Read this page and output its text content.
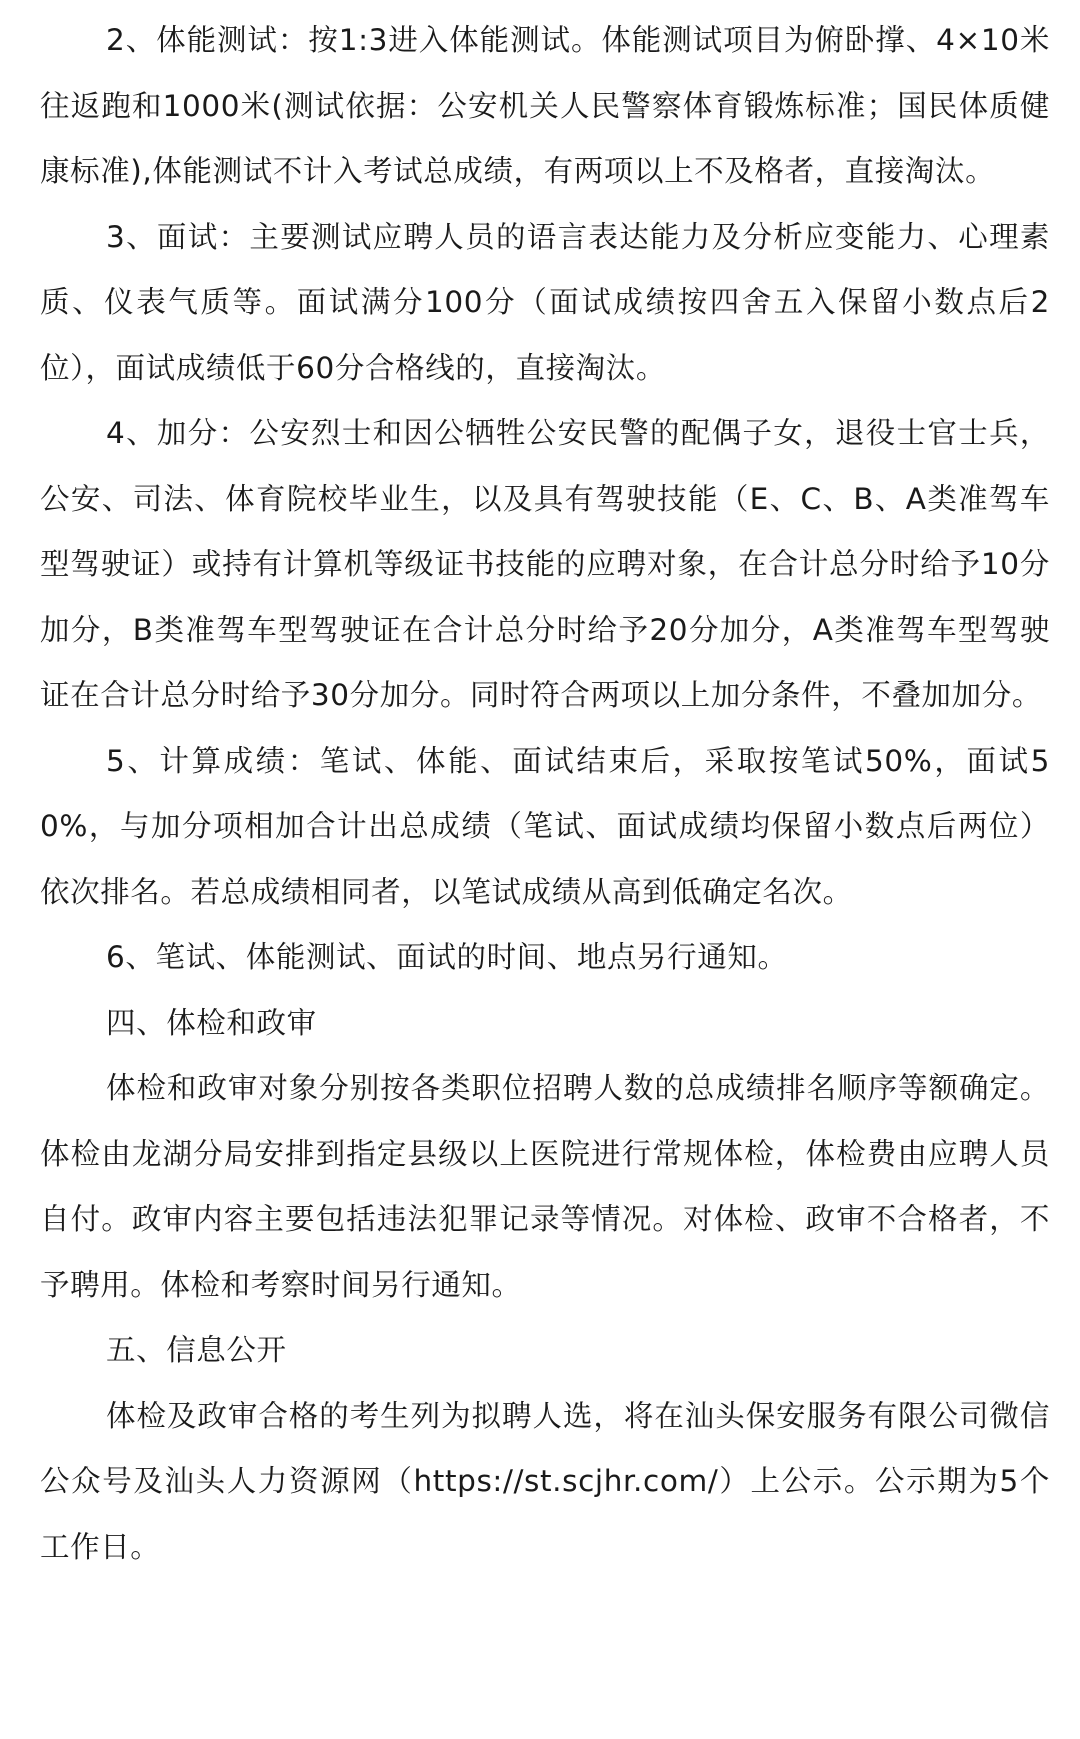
2、体能测试：按1:3进入体能测试。体能测试项目为俯卧撑、4×10米往返跑和1000米(测试依据：公安机关人民警察体育锻炼标准；国民体质健康标准),体能测试不计入考试总成绩，有两项以上不及格者，直接淘汰。

3、面试：主要测试应聘人员的语言表达能力及分析应变能力、心理素质、仪表气质等。面试满分100分（面试成绩按四舍五入保留小数点后2位），面试成绩低于60分合格线的，直接淘汰。

4、加分：公安烈士和因公牺牲公安民警的配偶子女，退役士官士兵，公安、司法、体育院校毕业生，以及具有驾驶技能（E、C、B、A类准驾车型驾驶证）或持有计算机等级证书技能的应聘对象，在合计总分时给予10分加分，B类准驾车型驾驶证在合计总分时给予20分加分，A类准驾车型驾驶证在合计总分时给予30分加分。同时符合两项以上加分条件，不叠加加分。

5、计算成绩：笔试、体能、面试结束后，采取按笔试50%，面试50%，与加分项相加合计出总成绩（笔试、面试成绩均保留小数点后两位）依次排名。若总成绩相同者，以笔试成绩从高到低确定名次。

6、笔试、体能测试、面试的时间、地点另行通知。

四、体检和政审

体检和政审对象分别按各类职位招聘人数的总成绩排名顺序等额确定。体检由龙湖分局安排到指定县级以上医院进行常规体检，体检费由应聘人员自付。政审内容主要包括违法犯罪记录等情况。对体检、政审不合格者，不予聘用。体检和考察时间另行通知。

五、信息公开

体检及政审合格的考生列为拟聘人选，将在汕头保安服务有限公司微信公众号及汕头人力资源网（https://st.scjhr.com/）上公示。公示期为5个工作日。
